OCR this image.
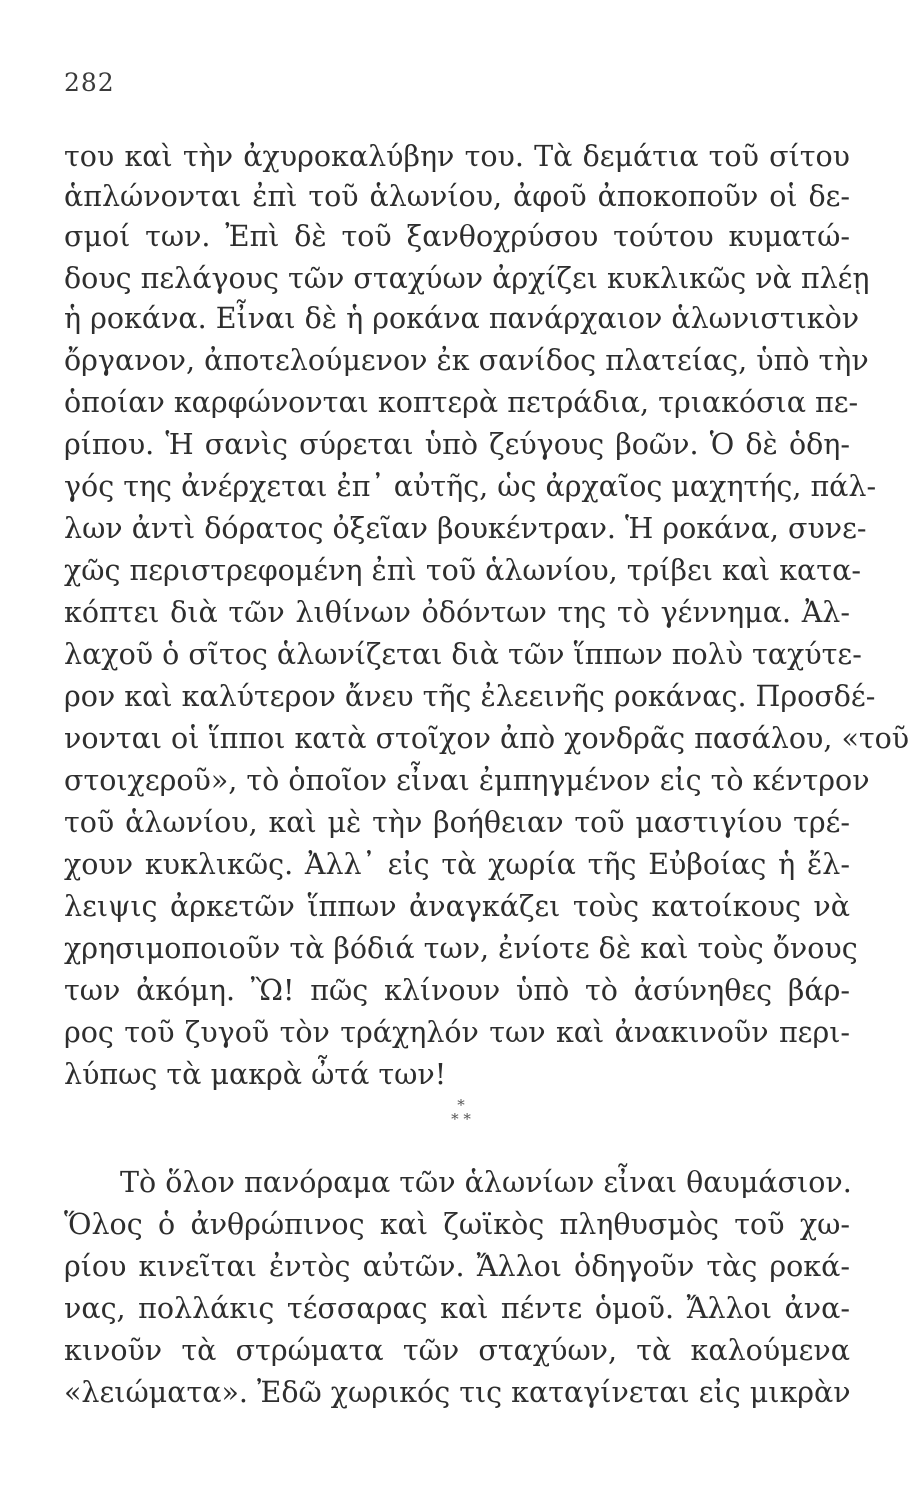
282
του καὶ τὴν ἀχυροκαλύβην του. Τὰ δεμάτια τοῦ σίτου
ἁπλώνονται ἐπὶ τοῦ ἁλωνίου, ἀφοῦ ἀποκοποῦν οἱ δε-
σμοί των. Ἐπὶ δὲ τοῦ ξανθοχρύσου τούτου κυματώ-
δους πελάγους τῶν σταχύων ἀρχίζει κυκλικῶς νὰ πλέῃ
ἡ ροκάνα. Εἶναι δὲ ἡ ροκάνα πανάρχαιον ἁλωνιστικὸν
ὄργανον, ἀποτελούμενον ἐκ σανίδος πλατείας, ὑπὸ τὴν
ὁποίαν καρφώνονται κοπτερὰ πετράδια, τριακόσια πε-
ρίπου. Ἡ σανὶς σύρεται ὑπὸ ζεύγους βοῶν. Ὁ δὲ ὁδη-
γός της ἀνέρχεται ἐπ᾽ αὐτῆς, ὡς ἀρχαῖος μαχητής, πάλ-
λων ἀντὶ δόρατος ὀξεῖαν βουκέντραν. Ἡ ροκάνα, συνε-
χῶς περιστρεφομένη ἐπὶ τοῦ ἁλωνίου, τρίβει καὶ κατα-
κόπτει διὰ τῶν λιθίνων ὀδόντων της τὸ γέννημα. Ἀλ-
λαχοῦ ὁ σῖτος ἁλωνίζεται διὰ τῶν ἵππων πολὺ ταχύτε-
ρον καὶ καλύτερον ἄνευ τῆς ἐλεεινῆς ροκάνας. Προσδέ-
νονται οἱ ἵπποι κατὰ στοῖχον ἀπὸ χονδρᾶς πασάλου, «τοῦ
στοιχεροῦ», τὸ ὁποῖον εἶναι ἐμπηγμένον εἰς τὸ κέντρον
τοῦ ἁλωνίου, καὶ μὲ τὴν βοήθειαν τοῦ μαστιγίου τρέ-
χουν κυκλικῶς. Ἀλλ᾽ εἰς τὰ χωρία τῆς Εὐβοίας ἡ ἔλ-
λειψις ἀρκετῶν ἵππων ἀναγκάζει τοὺς κατοίκους νὰ
χρησιμοποιοῦν τὰ βόδιά των, ἐνίοτε δὲ καὶ τοὺς ὄνους
των ἀκόμη. Ὢ! πῶς κλίνουν ὑπὸ τὸ ἀσύνηθες βάρ-
ρος τοῦ ζυγοῦ τὸν τράχηλόν των καὶ ἀνακινοῦν περι-
λύπως τὰ μακρὰ ὦτά των!
*
* *
Τὸ ὅλον πανόραμα τῶν ἁλωνίων εἶναι θαυμάσιον.
Ὅλος ὁ ἀνθρώπινος καὶ ζωϊκὸς πληθυσμὸς τοῦ χω-
ρίου κινεῖται ἐντὸς αὐτῶν. Ἄλλοι ὁδηγοῦν τὰς ροκά-
νας, πολλάκις τέσσαρας καὶ πέντε ὁμοῦ. Ἄλλοι ἀνα-
κινοῦν τὰ στρώματα τῶν σταχύων, τὰ καλούμενα
«λειώματα». Ἐδῶ χωρικός τις καταγίνεται εἰς μικρὰν
